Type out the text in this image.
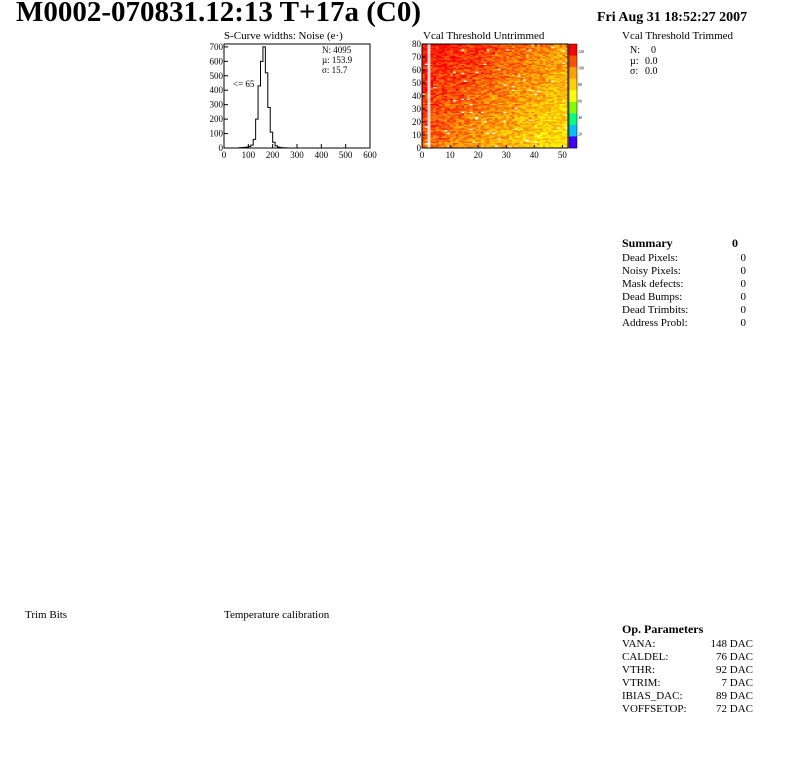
M0002-070831.12:13 T+17a (C0)	Fri Aug 31 18:52:27 2007
S-Curve widths: Noise (e·)
0 100 200 300 400 500 600
0
100
200
300
400
500
600
700	N: 4095
µ: 153.9
σ: 15.7
<= 65
Vcal Threshold Untrimmed
0 10 20 30 40 50
0
10
20
30
40
50
60
70
80
120
100
80
60
40
20
Vcal Threshold Trimmed
N: 0
µ: 0.0
σ: 0.0
Summary	0
Dead Pixels:	0
Noisy Pixels:	0
Mask defects:	0
Dead Bumps:	0
Dead Trimbits:	0
Address Probl:	0
Trim Bits	Temperature calibration
Op. Parameters
VANA:	148 DAC
CALDEL:	76 DAC
VTHR:	92 DAC
VTRIM:	7 DAC
IBIAS_DAC:	89 DAC
VOFFSETOP:	72 DAC
